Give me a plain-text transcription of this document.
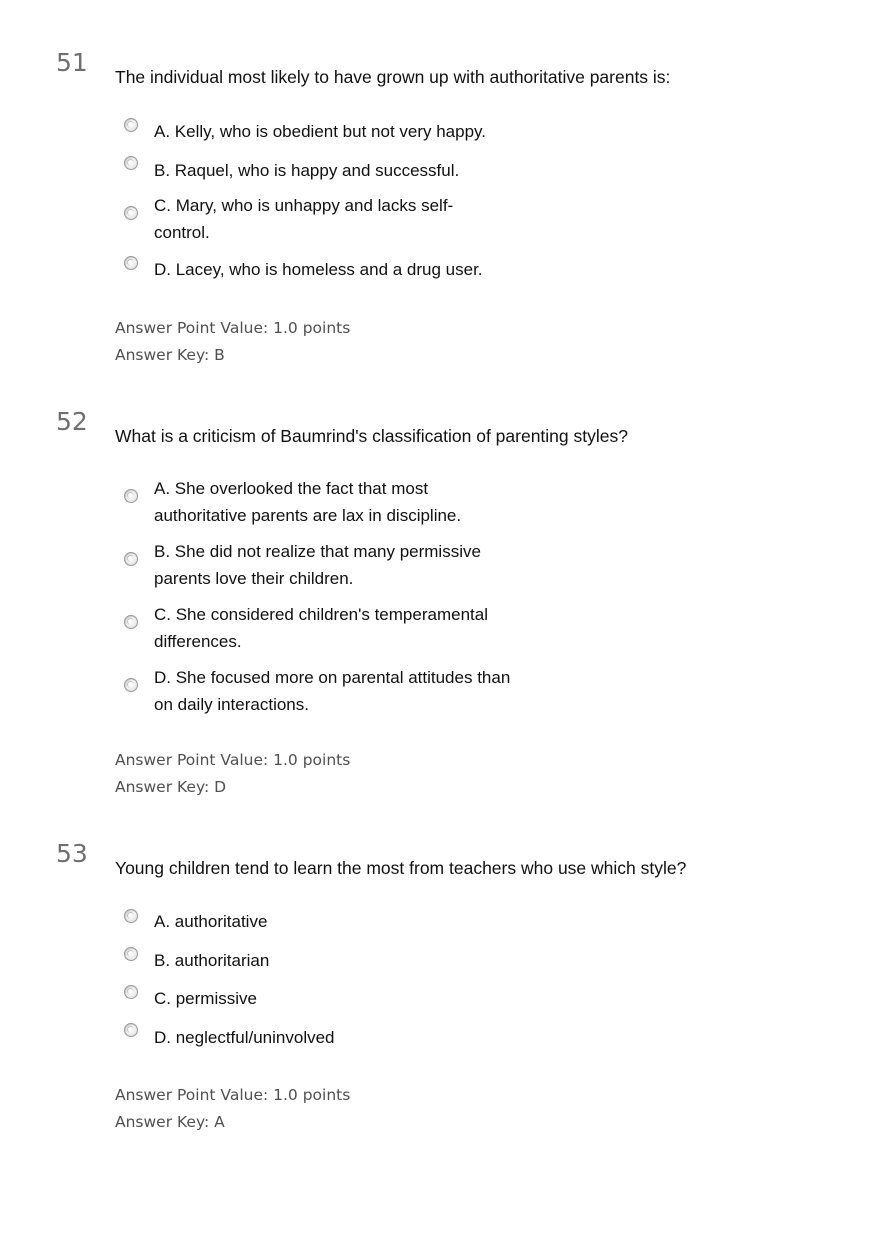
51 The individual most likely to have grown up with authoritative parents is:
A. Kelly, who is obedient but not very happy.
B. Raquel, who is happy and successful.
C. Mary, who is unhappy and lacks self-control.
D. Lacey, who is homeless and a drug user.
Answer Point Value: 1.0 points
Answer Key: B
52 What is a criticism of Baumrind's classification of parenting styles?
A. She overlooked the fact that most authoritative parents are lax in discipline.
B. She did not realize that many permissive parents love their children.
C. She considered children's temperamental differences.
D. She focused more on parental attitudes than on daily interactions.
Answer Point Value: 1.0 points
Answer Key: D
53 Young children tend to learn the most from teachers who use which style?
A. authoritative
B. authoritarian
C. permissive
D. neglectful/uninvolved
Answer Point Value: 1.0 points
Answer Key: A
